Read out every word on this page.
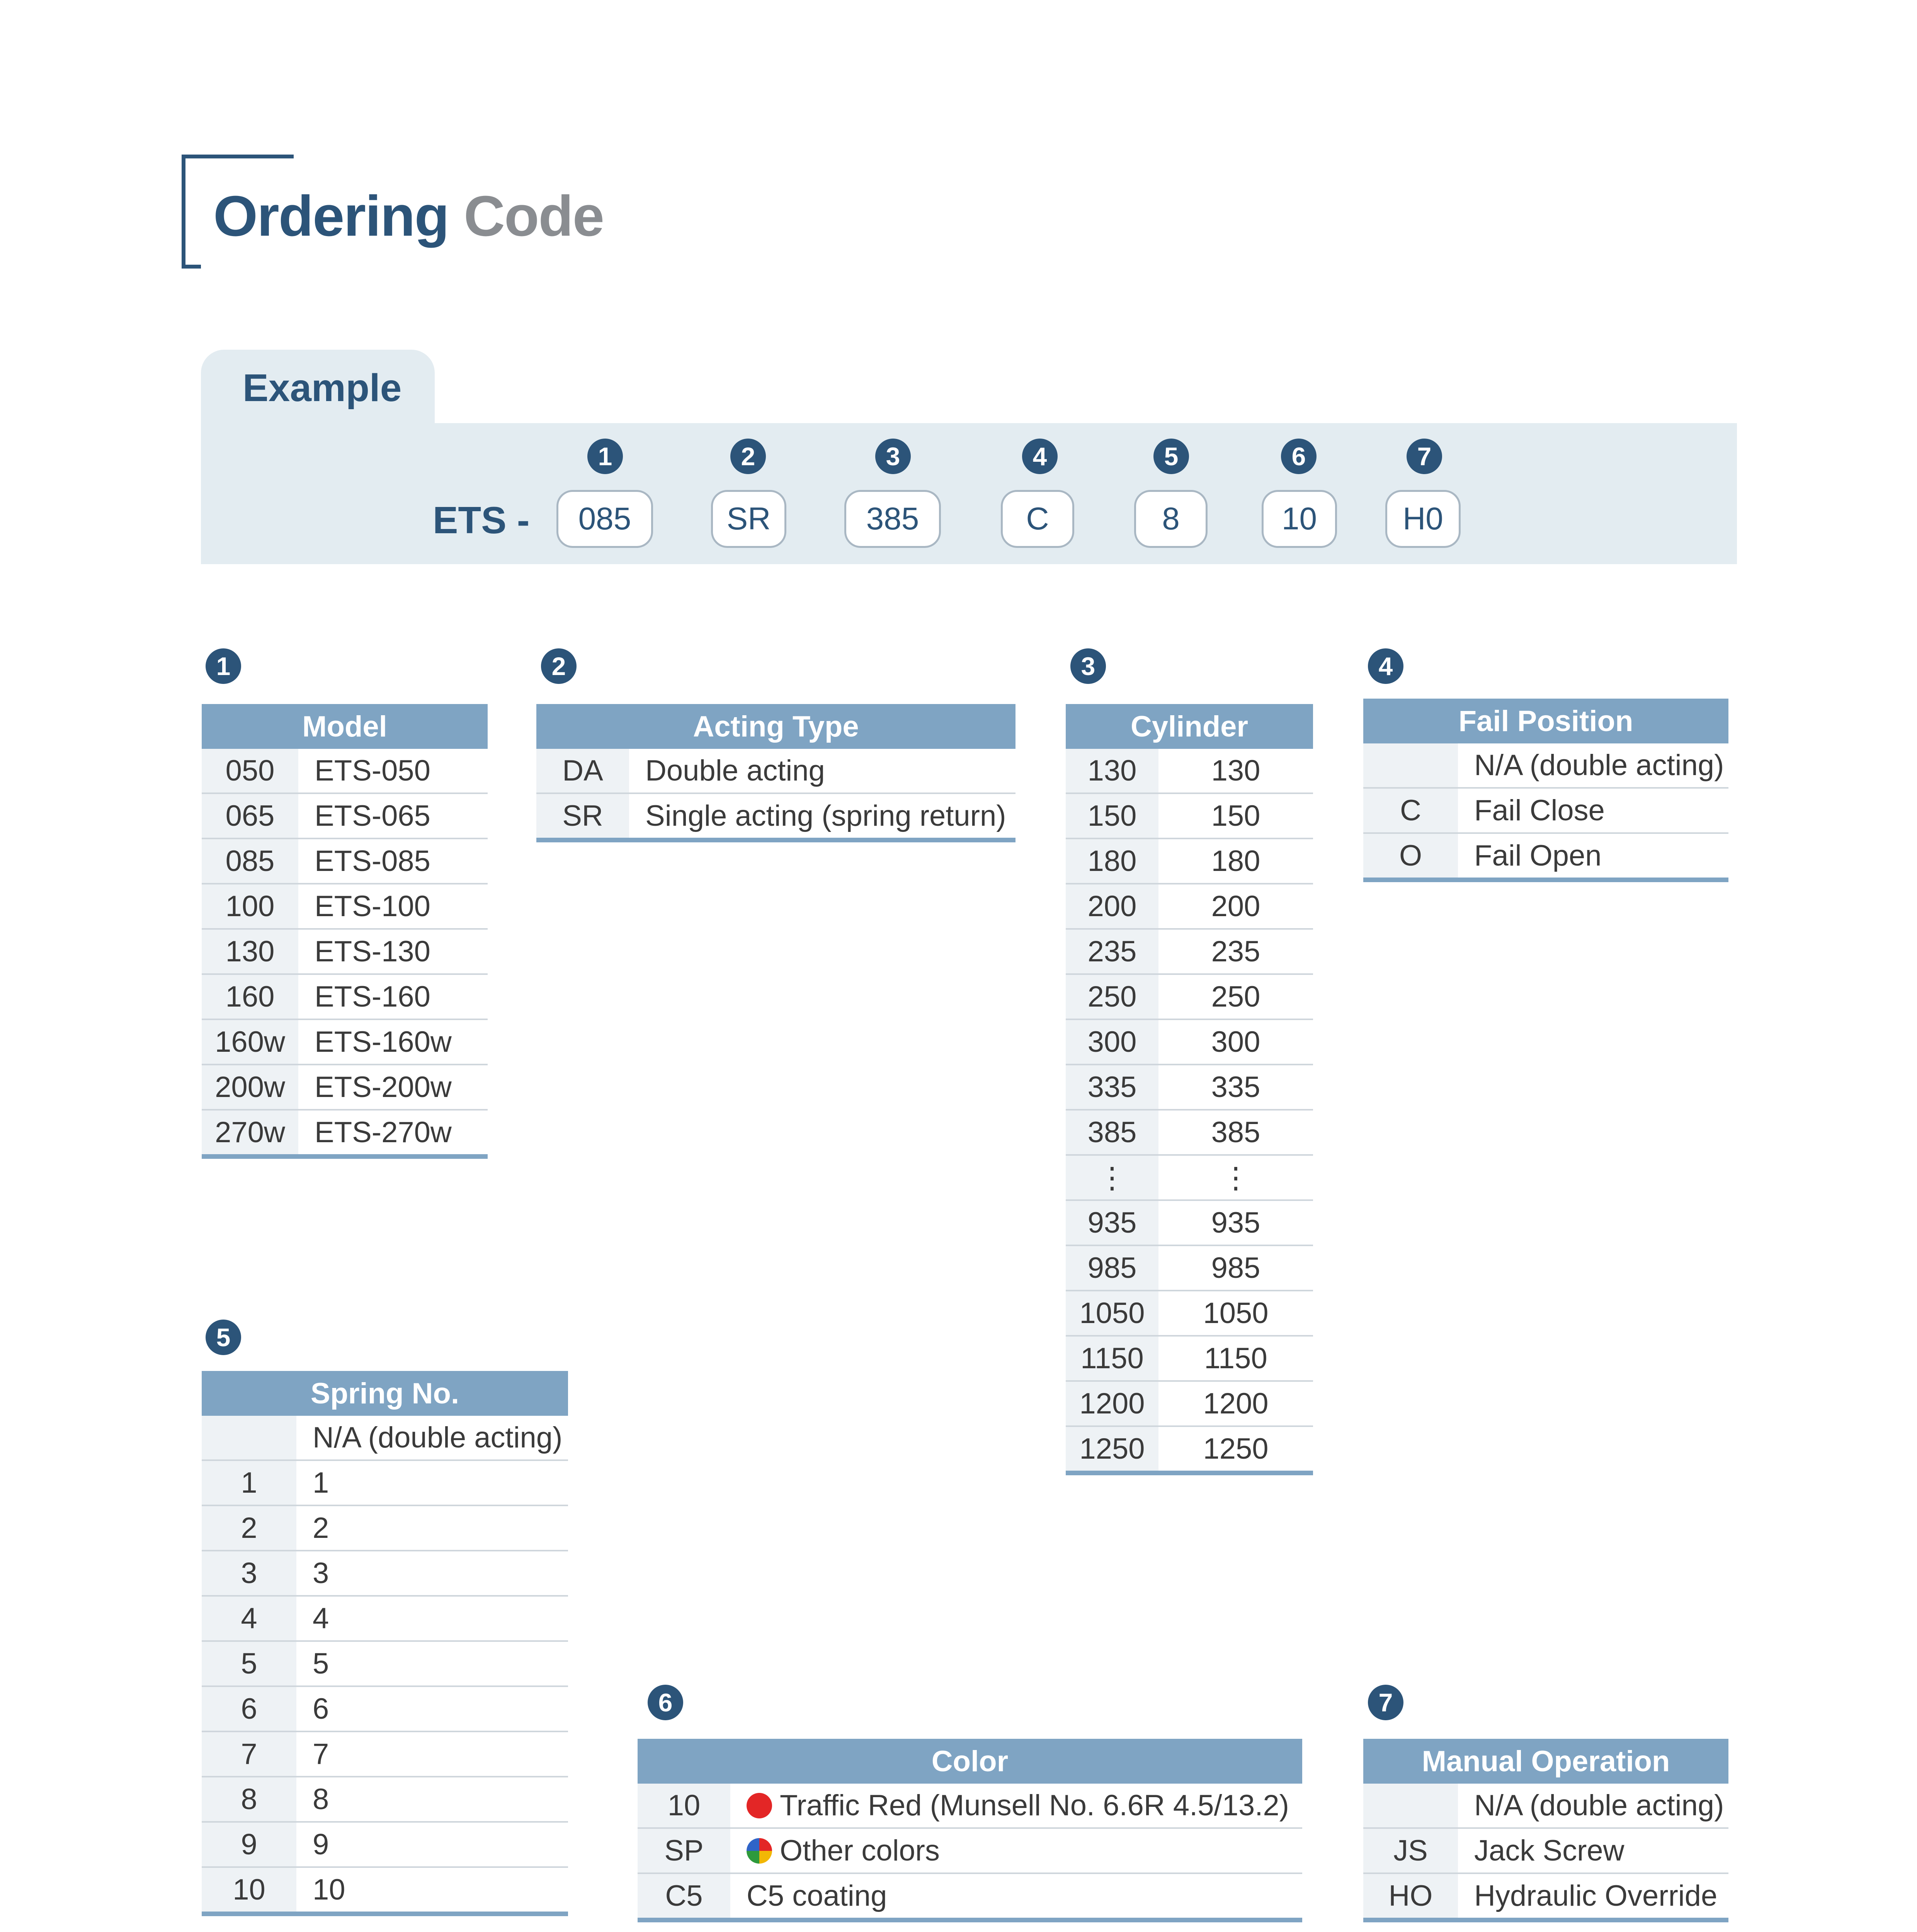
Ordering Code
Example
ETS -
1	2	3	4	5	6	7
085	SR	385	C	8	10	H0
1	2	3	4
5
6	7
Model	
050	ETS-050
065	ETS-065
085	ETS-085
100	ETS-100
130	ETS-130
160	ETS-160
160w	ETS-160w
200w	ETS-200w
270w	ETS-270w
Acting Type	
DA	Double acting
SR	Single acting (spring return)
Cylinder	
130	130
150	150
180	180
200	200
235	235
250	250
300	300
335	335
385	385
⋮	⋮
935	935
985	985
1050	1050
1150	1150
1200	1200
1250	1250
Fail Position	
	N/A (double acting)
C	Fail Close
O	Fail Open
Spring No.	
	N/A (double acting)
1	1
2	2
3	3
4	4
5	5
6	6
7	7
8	8
9	9
10	10
Color	
10	Traffic Red (Munsell No. 6.6R 4.5/13.2)
SP	Other colors
C5	C5 coating
Manual Operation	
	N/A (double acting)
JS	Jack Screw
HO	Hydraulic Override
